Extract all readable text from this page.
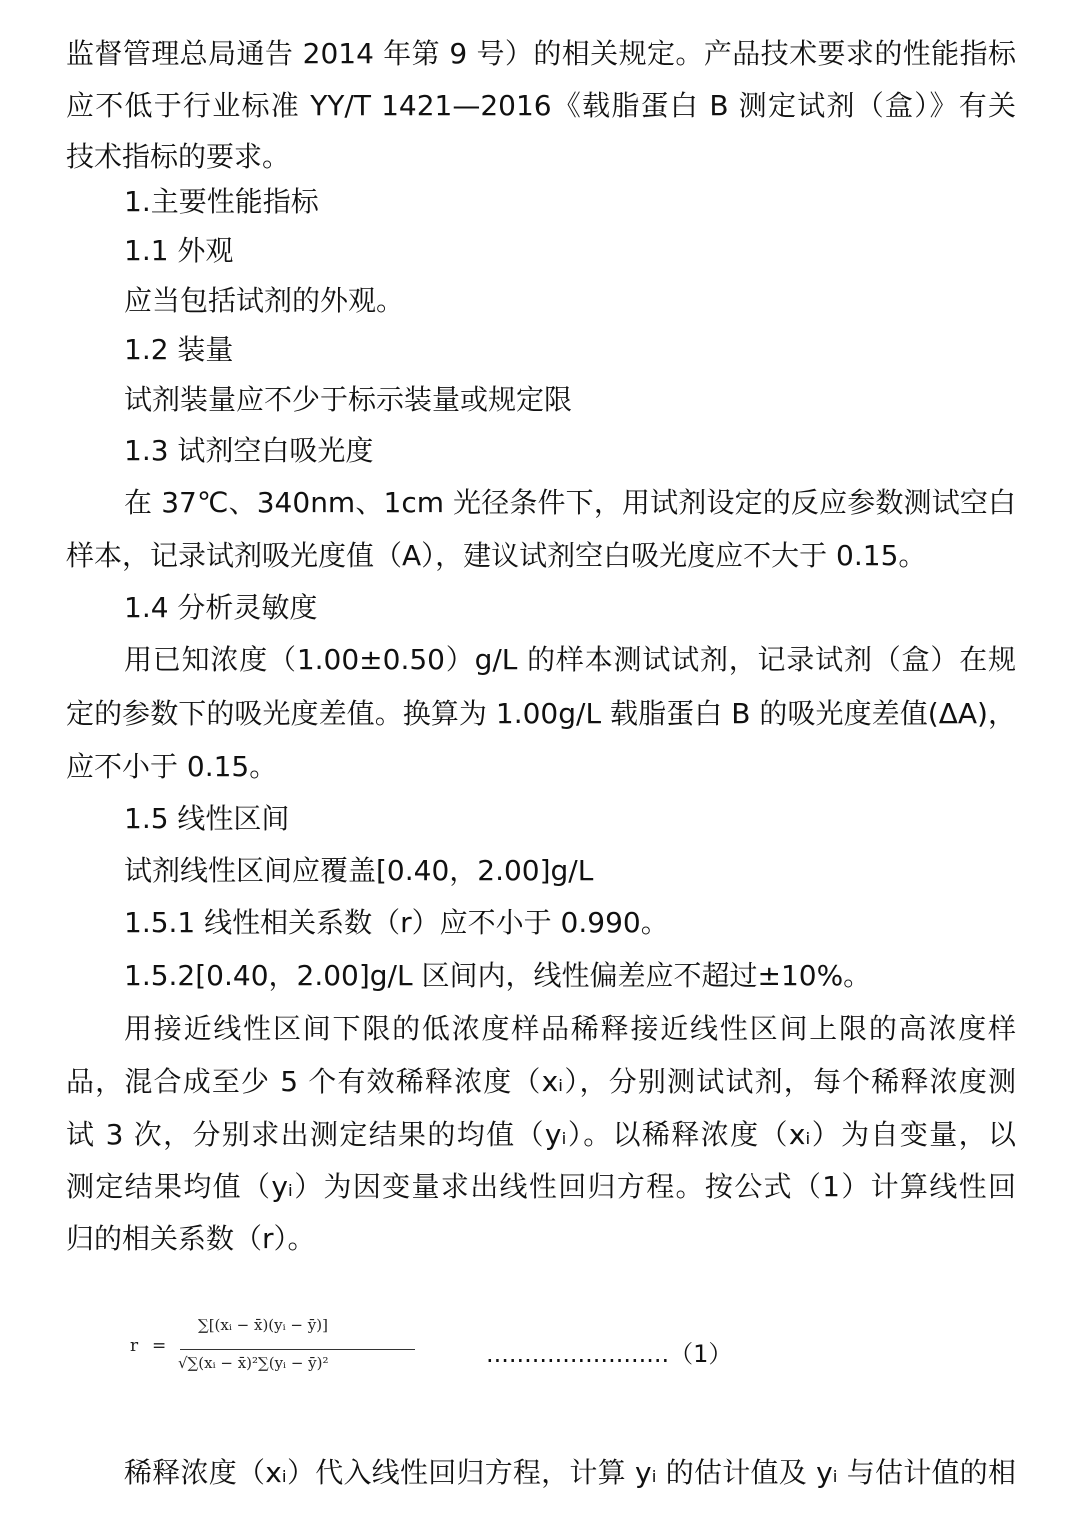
监督管理总局通告 2014 年第 9 号）的相关规定。产品技术要求的性能指标
应不低于行业标准 YY/T 1421—2016《载脂蛋白 B 测定试剂（盒）》有关
技术指标的要求。
1.主要性能指标
1.1 外观
应当包括试剂的外观。
1.2 装量
试剂装量应不少于标示装量或规定限
1.3 试剂空白吸光度
在 37℃、340nm、1cm 光径条件下，用试剂设定的反应参数测试空白
样本，记录试剂吸光度值（A），建议试剂空白吸光度应不大于 0.15。
1.4 分析灵敏度
用已知浓度（1.00±0.50）g/L 的样本测试试剂，记录试剂（盒）在规
定的参数下的吸光度差值。换算为 1.00g/L 载脂蛋白 B 的吸光度差值(ΔA)，
应不小于 0.15。
1.5 线性区间
试剂线性区间应覆盖[0.40，2.00]g/L
1.5.1 线性相关系数（r）应不小于 0.990。
1.5.2[0.40，2.00]g/L 区间内，线性偏差应不超过±10%。
用接近线性区间下限的低浓度样品稀释接近线性区间上限的高浓度样
品，混合成至少 5 个有效稀释浓度（xᵢ），分别测试试剂，每个稀释浓度测
试 3 次，分别求出测定结果的均值（yᵢ）。以稀释浓度（xᵢ）为自变量，以
测定结果均值（yᵢ）为因变量求出线性回归方程。按公式（1）计算线性回
归的相关系数（r）。
r =
∑[(xᵢ − x̄)(yᵢ − ȳ)]
√∑(xᵢ − x̄)²∑(yᵢ − ȳ)²	........................（1）
稀释浓度（xᵢ）代入线性回归方程，计算 yᵢ 的估计值及 yᵢ 与估计值的相
